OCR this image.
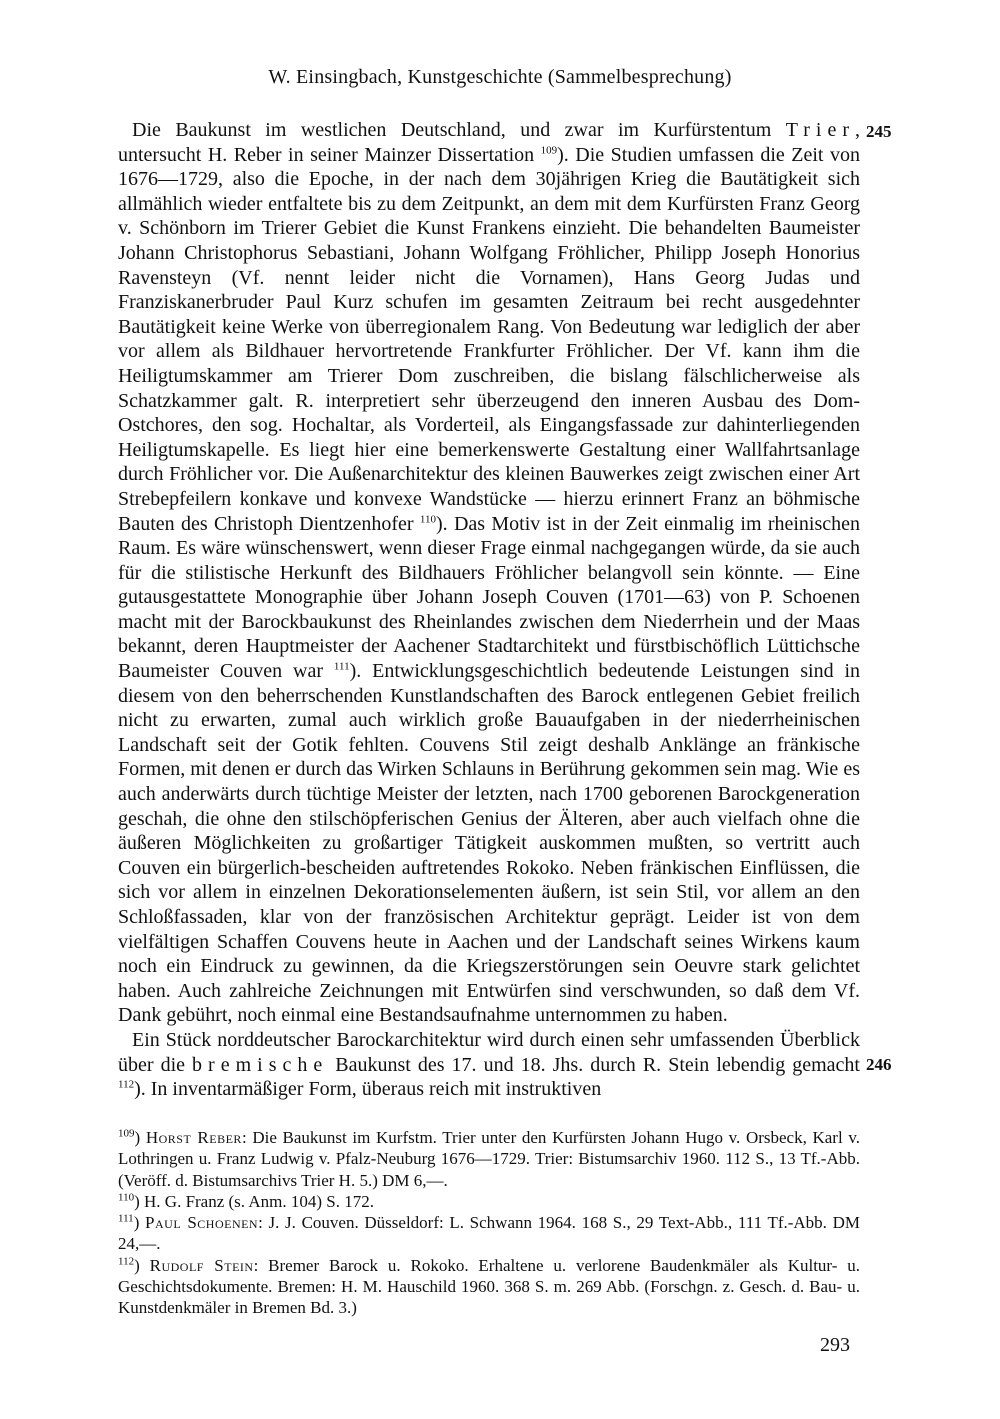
W. Einsingbach, Kunstgeschichte (Sammelbesprechung)
245
246

Die Baukunst im westlichen Deutschland, und zwar im Kurfürstentum Trier, untersucht H. Reber in seiner Mainzer Dissertation $^{109}$). Die Studien umfassen die Zeit von 1676—1729, also die Epoche, in der nach dem 30jährigen Krieg die Bautätigkeit sich allmählich wieder entfaltete bis zu dem Zeitpunkt, an dem mit dem Kurfürsten Franz Georg v. Schönborn im Trierer Gebiet die Kunst Frankens einzieht. Die behandelten Baumeister Johann Christophorus Sebastiani, Johann Wolfgang Fröhlicher, Philipp Joseph Honorius Ravensteyn (Vf. nennt leider nicht die Vornamen), Hans Georg Judas und Franziskanerbruder Paul Kurz schufen im gesamten Zeitraum bei recht ausgedehnter Bautätigkeit keine Werke von überregionalem Rang. Von Bedeutung war lediglich der aber vor allem als Bildhauer hervortretende Frankfurter Fröhlicher. Der Vf. kann ihm die Heiligtumskammer am Trierer Dom zuschreiben, die bislang fälschlicherweise als Schatzkammer galt. R. interpretiert sehr überzeugend den inneren Ausbau des Dom-Ostchores, den sog. Hochaltar, als Vorderteil, als Eingangsfassade zur dahinterliegenden Heiligtumskapelle. Es liegt hier eine bemerkenswerte Gestaltung einer Wallfahrtsanlage durch Fröhlicher vor. Die Außenarchitektur des kleinen Bauwerkes zeigt zwischen einer Art Strebepfeilern konkave und konvexe Wandstücke — hierzu erinnert Franz an böhmische Bauten des Christoph Dientzenhofer $^{110}$). Das Motiv ist in der Zeit einmalig im rheinischen Raum. Es wäre wünschenswert, wenn dieser Frage einmal nachgegangen würde, da sie auch für die stilistische Herkunft des Bildhauers Fröhlicher belangvoll sein könnte. — Eine gutausgestattete Monographie über Johann Joseph Couven (1701—63) von P. Schoenen macht mit der Barockbaukunst des Rheinlandes zwischen dem Niederrhein und der Maas bekannt, deren Hauptmeister der Aachener Stadtarchitekt und fürstbischöflich Lüttichsche Baumeister Couven war $^{111}$). Entwicklungsgeschichtlich bedeutende Leistungen sind in diesem von den beherrschenden Kunstlandschaften des Barock entlegenen Gebiet freilich nicht zu erwarten, zumal auch wirklich große Bauaufgaben in der niederrheinischen Landschaft seit der Gotik fehlten. Couvens Stil zeigt deshalb Anklänge an fränkische Formen, mit denen er durch das Wirken Schlauns in Berührung gekommen sein mag. Wie es auch anderwärts durch tüchtige Meister der letzten, nach 1700 geborenen Barockgeneration geschah, die ohne den stilschöpferischen Genius der Älteren, aber auch vielfach ohne die äußeren Möglichkeiten zu großartiger Tätigkeit auskommen mußten, so vertritt auch Couven ein bürgerlich-bescheiden auftretendes Rokoko. Neben fränkischen Einflüssen, die sich vor allem in einzelnen Dekorationselementen äußern, ist sein Stil, vor allem an den Schloßfassaden, klar von der französischen Architektur geprägt. Leider ist von dem vielfältigen Schaffen Couvens heute in Aachen und der Landschaft seines Wirkens kaum noch ein Eindruck zu gewinnen, da die Kriegszerstörungen sein Oeuvre stark gelichtet haben. Auch zahlreiche Zeichnungen mit Entwürfen sind verschwunden, so daß dem Vf. Dank gebührt, noch einmal eine Bestandsaufnahme unternommen zu haben.

Ein Stück norddeutscher Barockarchitektur wird durch einen sehr umfassenden Überblick über die bremische Baukunst des 17. und 18. Jhs. durch R. Stein lebendig gemacht $^{112}$). In inventarmäßiger Form, überaus reich mit instruktiven

$^{109}$) Horst Reber: Die Baukunst im Kurfstm. Trier unter den Kurfürsten Johann Hugo v. Orsbeck, Karl v. Lothringen u. Franz Ludwig v. Pfalz-Neuburg 1676—1729. Trier: Bistumsarchiv 1960. 112 S., 13 Tf.-Abb. (Veröff. d. Bistumsarchivs Trier H. 5.) DM 6,—.

$^{110}$) H. G. Franz (s. Anm. 104) S. 172.

$^{111}$) Paul Schoenen: J. J. Couven. Düsseldorf: L. Schwann 1964. 168 S., 29 Text-Abb., 111 Tf.-Abb. DM 24,—.

$^{112}$) Rudolf Stein: Bremer Barock u. Rokoko. Erhaltene u. verlorene Baudenkmäler als Kultur- u. Geschichtsdokumente. Bremen: H. M. Hauschild 1960. 368 S. m. 269 Abb. (Forschgn. z. Gesch. d. Bau- u. Kunstdenkmäler in Bremen Bd. 3.)

293
